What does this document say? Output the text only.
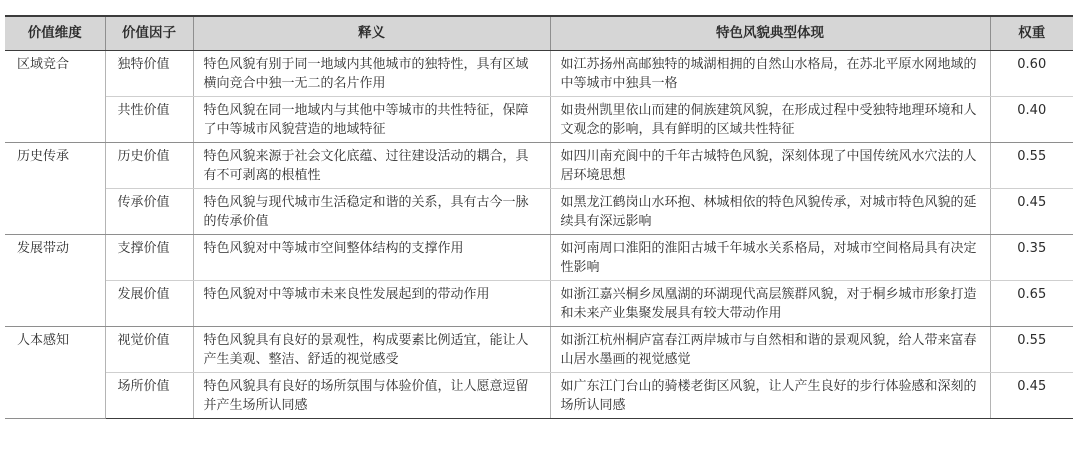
价值维度	价值因子	释义	特色风貌典型体现	权重
区域竞合	独特价值	特色风貌有别于同一地域内其他城市的独特性，具有区域横向竞合中独一无二的名片作用	如江苏扬州高邮独特的城湖相拥的自然山水格局，在苏北平原水网地域的中等城市中独具一格	0.60
	共性价值	特色风貌在同一地域内与其他中等城市的共性特征，保障了中等城市风貌营造的地域特征	如贵州凯里依山而建的侗族建筑风貌，在形成过程中受独特地理环境和人文观念的影响，具有鲜明的区域共性特征	0.40
历史传承	历史价值	特色风貌来源于社会文化底蕴、过往建设活动的耦合，具有不可剥离的根植性	如四川南充阆中的千年古城特色风貌，深刻体现了中国传统风水穴法的人居环境思想	0.55
	传承价值	特色风貌与现代城市生活稳定和谐的关系，具有古今一脉的传承价值	如黑龙江鹤岗山水环抱、林城相依的特色风貌传承，对城市特色风貌的延续具有深远影响	0.45
发展带动	支撑价值	特色风貌对中等城市空间整体结构的支撑作用	如河南周口淮阳的淮阳古城千年城水关系格局，对城市空间格局具有决定性影响	0.35
	发展价值	特色风貌对中等城市未来良性发展起到的带动作用	如浙江嘉兴桐乡凤凰湖的环湖现代高层簇群风貌，对于桐乡城市形象打造和未来产业集聚发展具有较大带动作用	0.65
人本感知	视觉价值	特色风貌具有良好的景观性，构成要素比例适宜，能让人产生美观、整洁、舒适的视觉感受	如浙江杭州桐庐富春江两岸城市与自然相和谐的景观风貌，给人带来富春山居水墨画的视觉感觉	0.55
	场所价值	特色风貌具有良好的场所氛围与体验价值，让人愿意逗留并产生场所认同感	如广东江门台山的骑楼老街区风貌，让人产生良好的步行体验感和深刻的场所认同感	0.45
